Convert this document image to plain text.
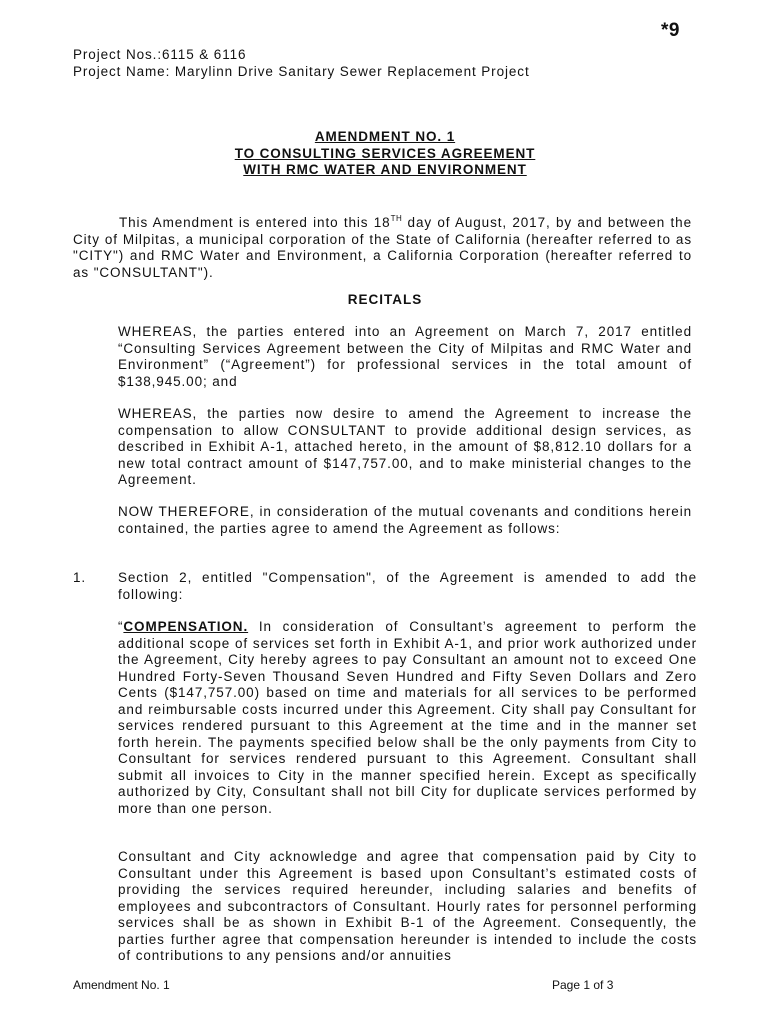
*9
Project Nos.:6115 & 6116
Project Name: Marylinn Drive Sanitary Sewer Replacement Project
AMENDMENT NO. 1
TO CONSULTING SERVICES AGREEMENT
WITH RMC WATER AND ENVIRONMENT
This Amendment is entered into this 18TH day of August, 2017, by and between the City of Milpitas, a municipal corporation of the State of California (hereafter referred to as "CITY") and RMC Water and Environment, a California Corporation (hereafter referred to as "CONSULTANT").
RECITALS
WHEREAS, the parties entered into an Agreement on March 7, 2017 entitled “Consulting Services Agreement between the City of Milpitas and RMC Water and Environment” (“Agreement”) for professional services in the total amount of $138,945.00; and
WHEREAS, the parties now desire to amend the Agreement to increase the compensation to allow CONSULTANT to provide additional design services, as described in Exhibit A-1, attached hereto, in the amount of $8,812.10 dollars for a new total contract amount of $147,757.00, and to make ministerial changes to the Agreement.
NOW THEREFORE, in consideration of the mutual covenants and conditions herein contained, the parties agree to amend the Agreement as follows:
1. Section 2, entitled "Compensation", of the Agreement is amended to add the following:
“COMPENSATION. In consideration of Consultant’s agreement to perform the additional scope of services set forth in Exhibit A-1, and prior work authorized under the Agreement, City hereby agrees to pay Consultant an amount not to exceed One Hundred Forty-Seven Thousand Seven Hundred and Fifty Seven Dollars and Zero Cents ($147,757.00) based on time and materials for all services to be performed and reimbursable costs incurred under this Agreement. City shall pay Consultant for services rendered pursuant to this Agreement at the time and in the manner set forth herein. The payments specified below shall be the only payments from City to Consultant for services rendered pursuant to this Agreement. Consultant shall submit all invoices to City in the manner specified herein. Except as specifically authorized by City, Consultant shall not bill City for duplicate services performed by more than one person.
Consultant and City acknowledge and agree that compensation paid by City to Consultant under this Agreement is based upon Consultant’s estimated costs of providing the services required hereunder, including salaries and benefits of employees and subcontractors of Consultant. Hourly rates for personnel performing services shall be as shown in Exhibit B-1 of the Agreement. Consequently, the parties further agree that compensation hereunder is intended to include the costs of contributions to any pensions and/or annuities
Amendment No. 1	Page 1 of 3
